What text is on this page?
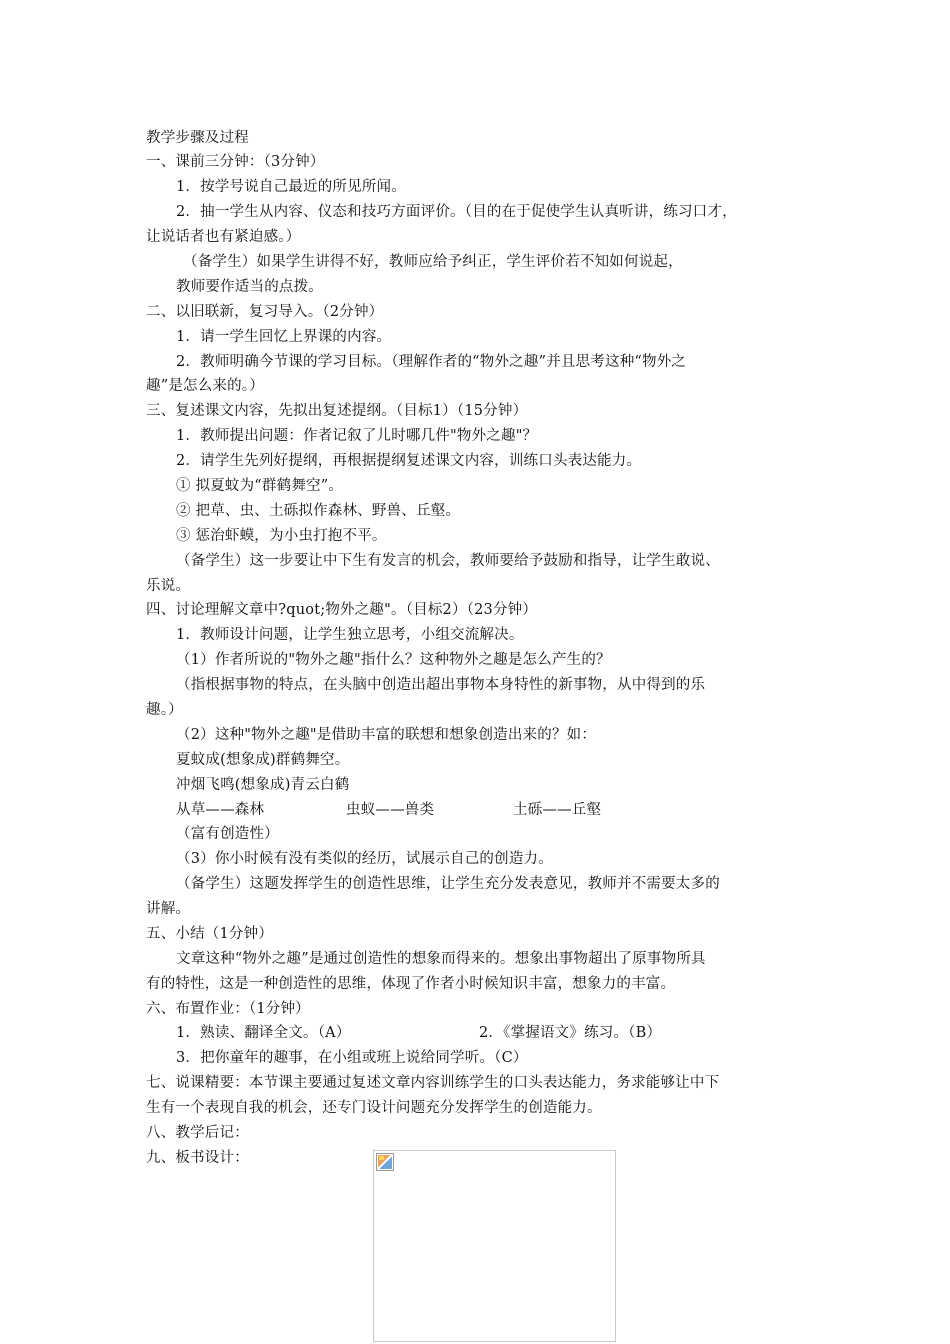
教学步骤及过程
一、课前三分钟：（3分钟）
1．按学号说自己最近的所见所闻。
2．抽一学生从内容、仪态和技巧方面评价。（目的在于促使学生认真听讲，练习口才，
让说话者也有紧迫感。）
（备学生）如果学生讲得不好，教师应给予纠正，学生评价若不知如何说起，
教师要作适当的点拨。
二、以旧联新，复习导入。（2分钟）
1．请一学生回忆上界课的内容。
2．教师明确今节课的学习目标。（理解作者的“物外之趣”并且思考这种“物外之
趣”是怎么来的。）
三、复述课文内容，先拟出复述提纲。（目标1）（15分钟）
1．教师提出问题：作者记叙了儿时哪几件"物外之趣"？
2．请学生先列好提纲，再根据提纲复述课文内容，训练口头表达能力。
① 拟夏蚊为“群鹤舞空”。
② 把草、虫、土砾拟作森林、野兽、丘壑。
③ 惩治虾蟆，为小虫打抱不平。
（备学生）这一步要让中下生有发言的机会，教师要给予鼓励和指导，让学生敢说、
乐说。
四、讨论理解文章中?quot;物外之趣"。（目标2）（23分钟）
1．教师设计问题，让学生独立思考，小组交流解决。
（1）作者所说的"物外之趣"指什么？这种物外之趣是怎么产生的？
（指根据事物的特点，在头脑中创造出超出事物本身特性的新事物，从中得到的乐
趣。）
（2）这种"物外之趣"是借助丰富的联想和想象创造出来的？如：
夏蚊成(想象成)群鹤舞空。
冲烟飞鸣(想象成)青云白鹤
从草——森林	虫蚁——兽类	土砾——丘壑
（富有创造性）
（3）你小时候有没有类似的经历，试展示自己的创造力。
（备学生）这题发挥学生的创造性思维，让学生充分发表意见，教师并不需要太多的
讲解。
五、小结（1分钟）
文章这种“物外之趣”是通过创造性的想象而得来的。想象出事物超出了原事物所具
有的特性，这是一种创造性的思维，体现了作者小时候知识丰富，想象力的丰富。
六、布置作业：（1分钟）
1．熟读、翻译全文。（A）	2．《掌握语文》练习。（B）
3．把你童年的趣事，在小组或班上说给同学听。（C）
七、说课精要：本节课主要通过复述文章内容训练学生的口头表达能力，务求能够让中下
生有一个表现自我的机会，还专门设计问题充分发挥学生的创造能力。
八、教学后记：
九、板书设计：
